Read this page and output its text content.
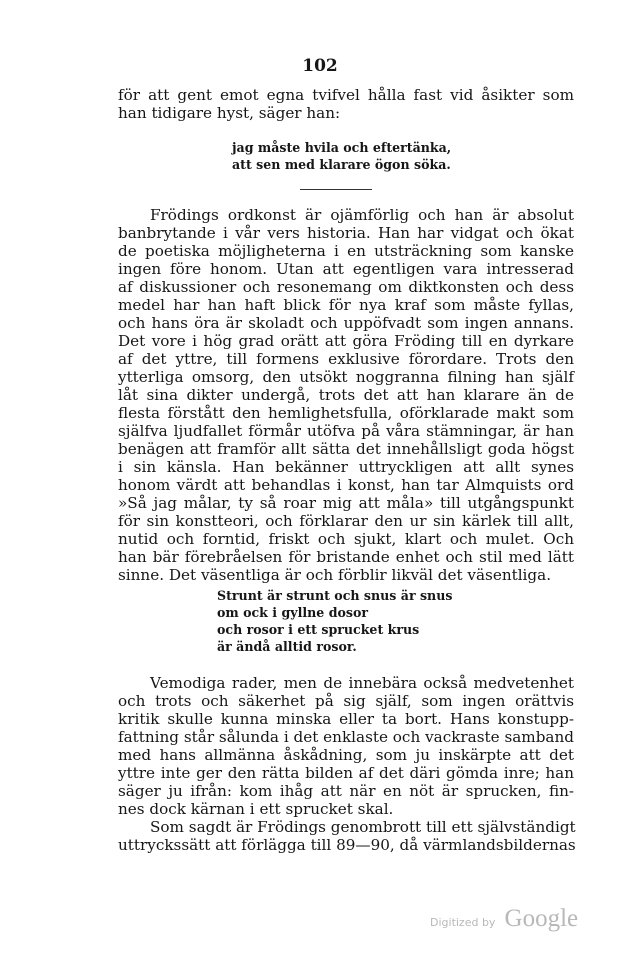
102
för att gent emot egna tvifvel hålla fast vid åsikter som
han tidigare hyst, säger han:
jag måste hvila och eftertänka,
att sen med klarare ögon söka.
Frödings ordkonst är ojämförlig och han är absolut
banbrytande i vår vers historia. Han har vidgat och ökat
de poetiska möjligheterna i en utsträckning som kanske
ingen före honom. Utan att egentligen vara intresserad
af diskussioner och resonemang om diktkonsten och dess
medel har han haft blick för nya kraf som måste fyllas,
och hans öra är skoladt och uppöfvadt som ingen annans.
Det vore i hög grad orätt att göra Fröding till en dyrkare
af det yttre, till formens exklusive förordare. Trots den
ytterliga omsorg, den utsökt noggranna filning han själf
låt sina dikter undergå, trots det att han klarare än de
flesta förstått den hemlighetsfulla, oförklarade makt som
själfva ljudfallet förmår utöfva på våra stämningar, är han
benägen att framför allt sätta det innehållsligt goda högst
i sin känsla. Han bekänner uttryckligen att allt synes
honom värdt att behandlas i konst, han tar Almquists ord
»Så jag målar, ty så roar mig att måla» till utgångspunkt
för sin konstteori, och förklarar den ur sin kärlek till allt,
nutid och forntid, friskt och sjukt, klart och mulet. Och
han bär förebråelsen för bristande enhet och stil med lätt
sinne. Det väsentliga är och förblir likväl det väsentliga.
Strunt är strunt och snus är snus
om ock i gyllne dosor
och rosor i ett sprucket krus
är ändå alltid rosor.
Vemodiga rader, men de innebära också medvetenhet
och trots och säkerhet på sig själf, som ingen orättvis
kritik skulle kunna minska eller ta bort. Hans konstupp-
fattning står sålunda i det enklaste och vackraste samband
med hans allmänna åskådning, som ju inskärpte att det
yttre inte ger den rätta bilden af det däri gömda inre; han
säger ju ifrån: kom ihåg att när en nöt är sprucken, fin-
nes dock kärnan i ett sprucket skal.
Som sagdt är Frödings genombrott till ett självständigt
uttryckssätt att förlägga till 89—90, då värmlandsbildernas
Digitized by Google
